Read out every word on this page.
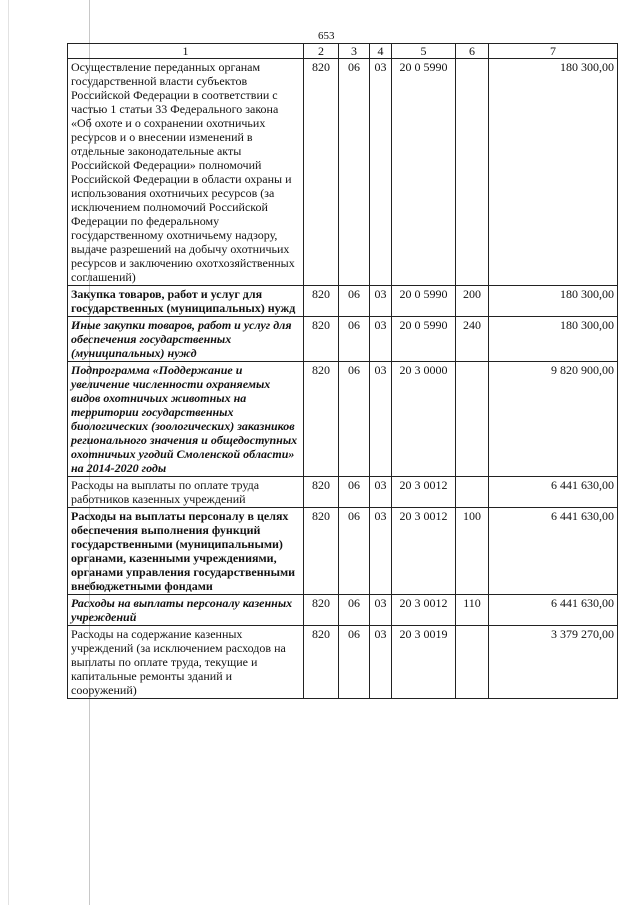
653
1	2	3	4	5	6	7
Осуществление переданных органам государственной власти субъектов Российской Федерации в соответствии с частью 1 статьи 33 Федерального закона «Об охоте и о сохранении охотничьих ресурсов и о внесении изменений в отдельные законодательные акты Российской Федерации» полномочий Российской Федерации в области охраны и использования охотничьих ресурсов (за исключением полномочий Российской Федерации по федеральному государственному охотничьему надзору, выдаче разрешений на добычу охотничьих ресурсов и заключению охотхозяйственных соглашений)	820	06	03	20 0 5990		180 300,00
Закупка товаров, работ и услуг для государственных (муниципальных) нужд	820	06	03	20 0 5990	200	180 300,00
Иные закупки товаров, работ и услуг для обеспечения государственных (муниципальных) нужд	820	06	03	20 0 5990	240	180 300,00
Подпрограмма «Поддержание и увеличение численности охраняемых видов охотничьих животных на территории государственных биологических (зоологических) заказников регионального значения и общедоступных охотничьих угодий Смоленской области» на 2014-2020 годы	820	06	03	20 3 0000		9 820 900,00
Расходы на выплаты по оплате труда работников казенных учреждений	820	06	03	20 3 0012		6 441 630,00
Расходы на выплаты персоналу в целях обеспечения выполнения функций государственными (муниципальными) органами, казенными учреждениями, органами управления государственными внебюджетными фондами	820	06	03	20 3 0012	100	6 441 630,00
Расходы на выплаты персоналу казенных учреждений	820	06	03	20 3 0012	110	6 441 630,00
Расходы на содержание казенных учреждений (за исключением расходов на выплаты по оплате труда, текущие и капитальные ремонты зданий и сооружений)	820	06	03	20 3 0019		3 379 270,00
